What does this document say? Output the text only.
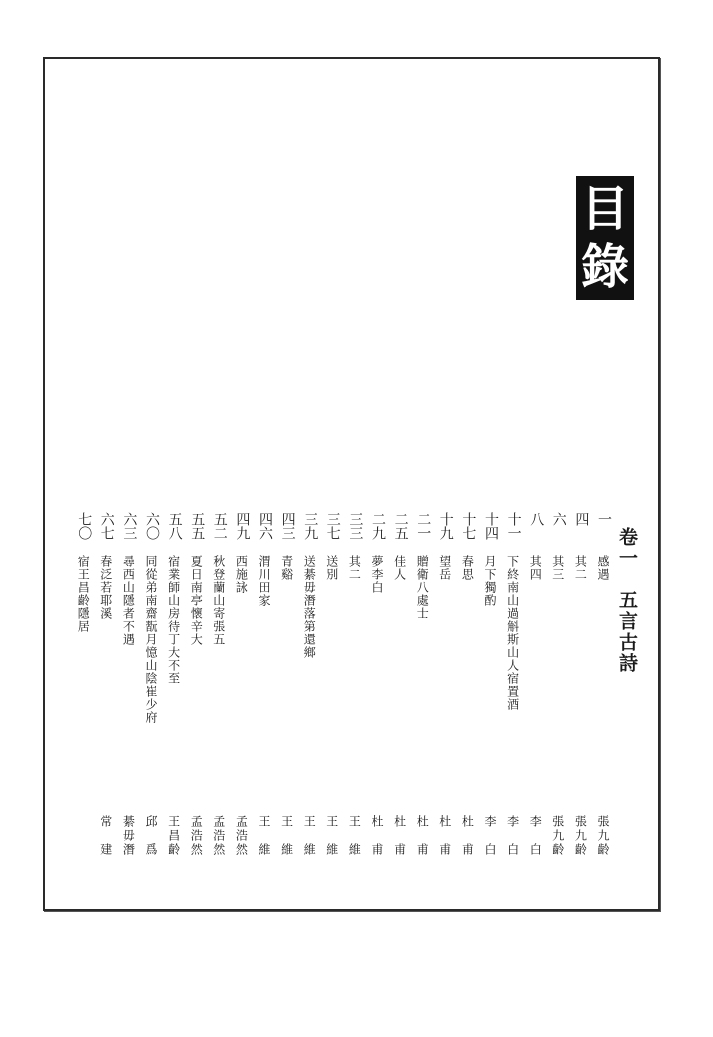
目
錄
卷一　五言古詩
一
感遇
張九齡
四
其二
張九齡
六
其三
張九齡
八
其四
李　白
十一
下終南山過斛斯山人宿置酒
李　白
十四
月下獨酌
李　白
十七
春思
杜　甫
十九
望岳
杜　甫
二一
贈衛八處士
杜　甫
二五
佳人
杜　甫
二九
夢李白
杜　甫
三三
其二
王　維
三七
送別
王　維
三九
送綦毋潛落第還鄉
王　維
四三
青谿
王　維
四六
渭川田家
王　維
四九
西施詠
孟浩然
五二
秋登蘭山寄張五
孟浩然
五五
夏日南亭懷辛大
孟浩然
五八
宿業師山房待丁大不至
王昌齡
六〇
同從弟南齋翫月憶山陰崔少府
邱　爲
六三
尋西山隱者不遇
綦毋潛
六七
春泛若耶溪
常　建
七〇
宿王昌齡隱居
